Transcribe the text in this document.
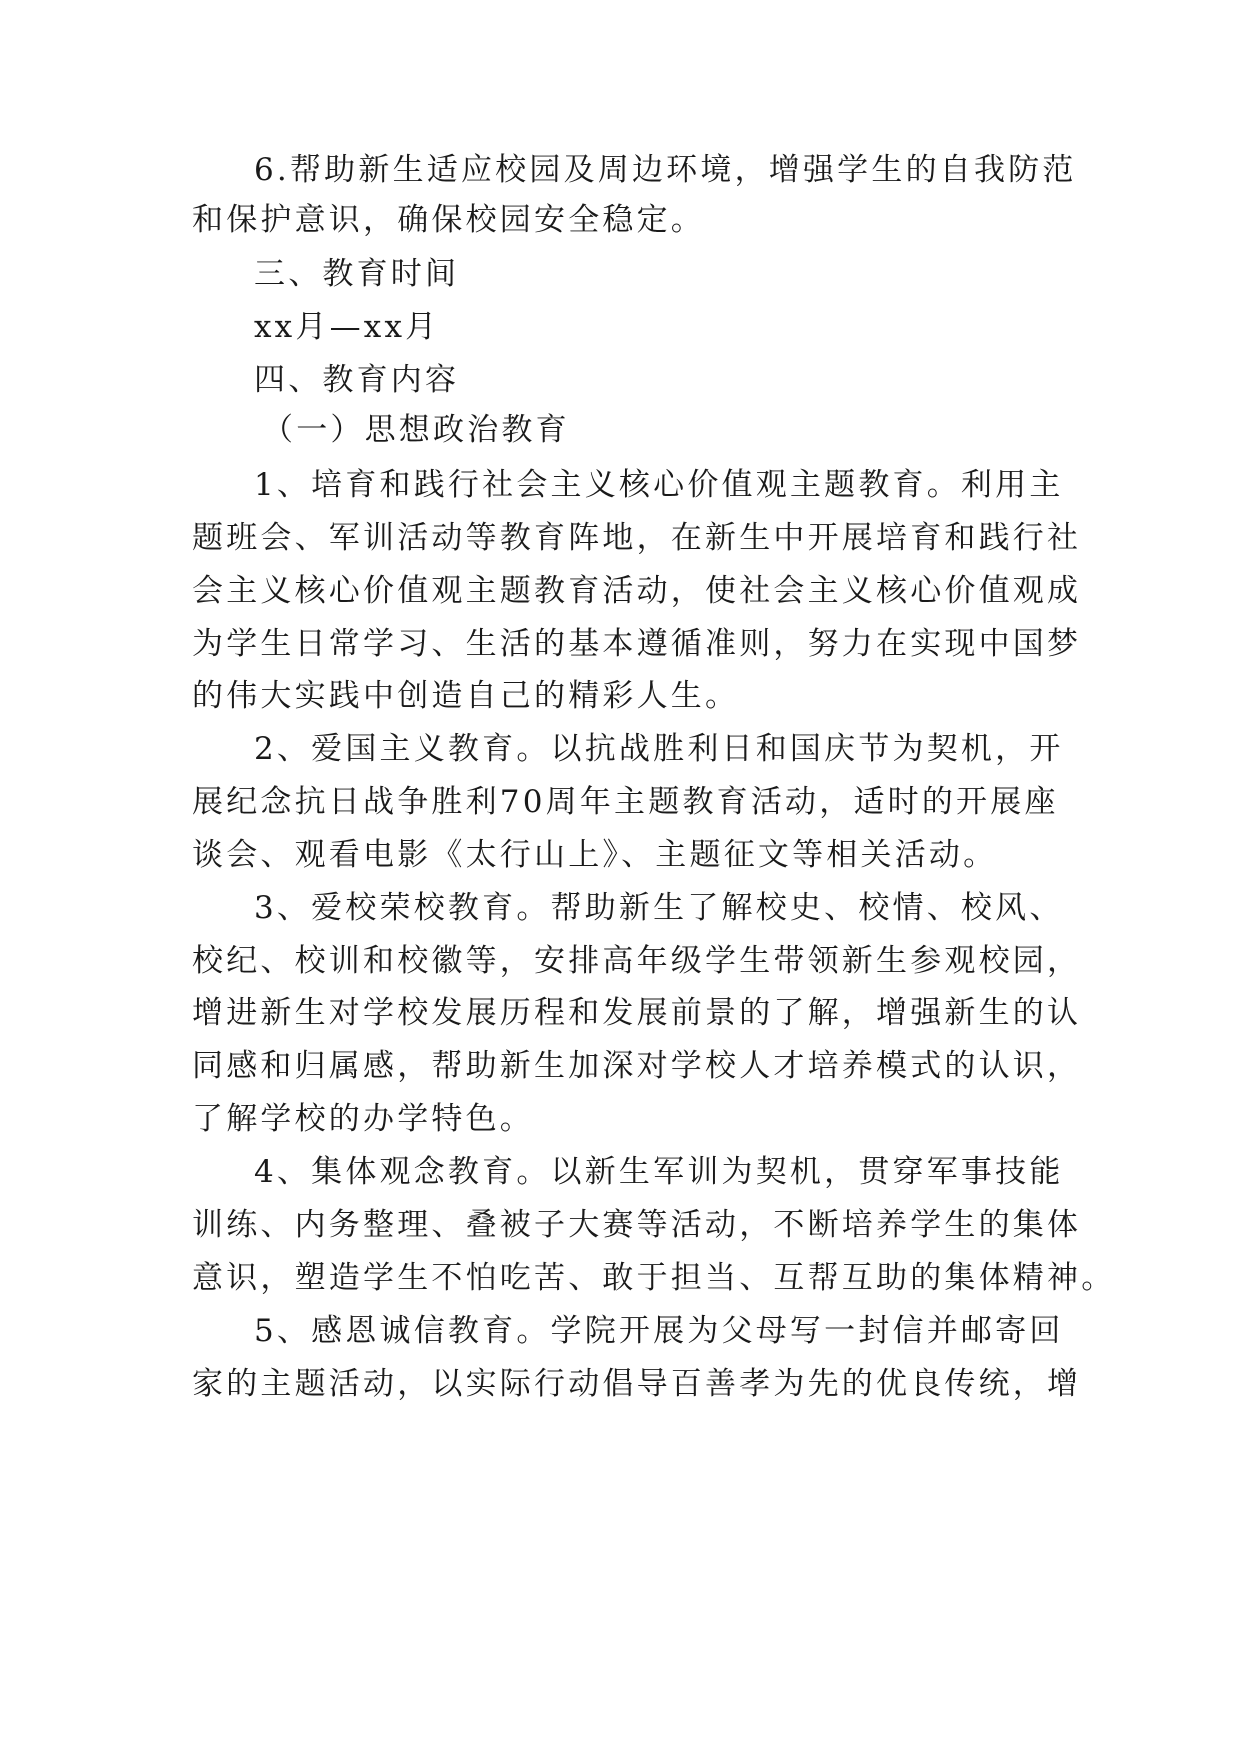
6.帮助新生适应校园及周边环境，增强学生的自我防范

和保护意识，确保校园安全稳定。

三、教育时间

xx月—xx月

四、教育内容

（一）思想政治教育

1、培育和践行社会主义核心价值观主题教育。利用主

题班会、军训活动等教育阵地，在新生中开展培育和践行社

会主义核心价值观主题教育活动，使社会主义核心价值观成

为学生日常学习、生活的基本遵循准则，努力在实现中国梦

的伟大实践中创造自己的精彩人生。

2、爱国主义教育。以抗战胜利日和国庆节为契机，开

展纪念抗日战争胜利70周年主题教育活动，适时的开展座

谈会、观看电影《太行山上》、主题征文等相关活动。

3、爱校荣校教育。帮助新生了解校史、校情、校风、

校纪、校训和校徽等，安排高年级学生带领新生参观校园，

增进新生对学校发展历程和发展前景的了解，增强新生的认

同感和归属感，帮助新生加深对学校人才培养模式的认识，

了解学校的办学特色。

4、集体观念教育。以新生军训为契机，贯穿军事技能

训练、内务整理、叠被子大赛等活动，不断培养学生的集体

意识，塑造学生不怕吃苦、敢于担当、互帮互助的集体精神。

5、感恩诚信教育。学院开展为父母写一封信并邮寄回

家的主题活动，以实际行动倡导百善孝为先的优良传统，增
